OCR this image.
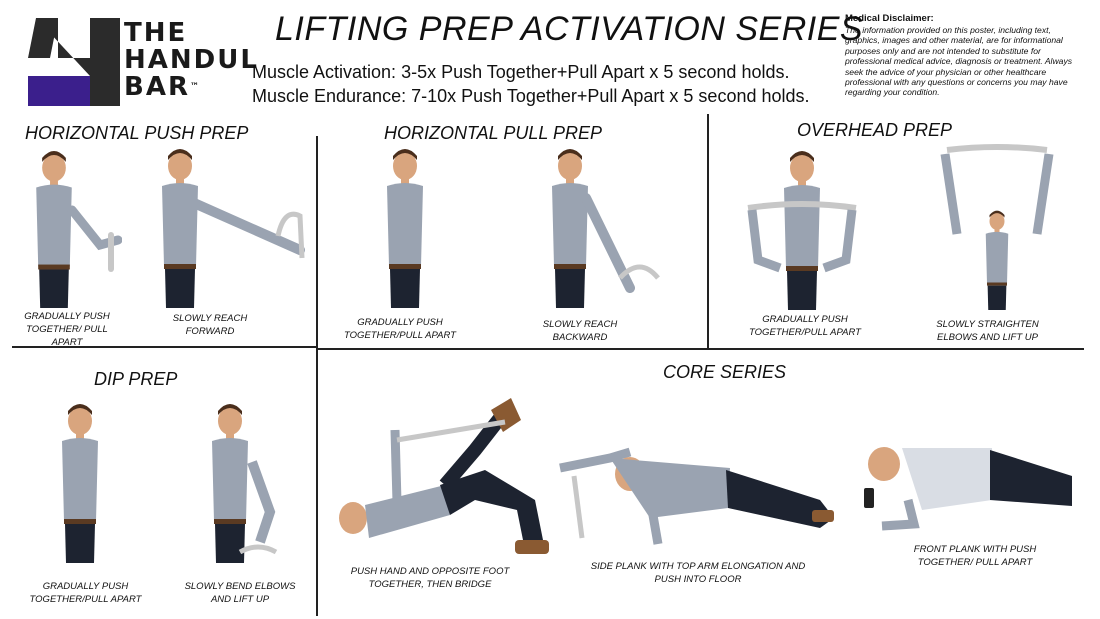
THE
HANDUL
BAR™
LIFTING PREP ACTIVATION SERIES
Muscle Activation: 3-5x Push Together+Pull Apart x 5 second holds.
Muscle Endurance: 7-10x Push Together+Pull Apart x 5 second holds.
Medical Disclaimer:
The information provided on this poster, including text, graphics, images and other material, are for informational purposes only and are not intended to substitute for professional medical advice, diagnosis or treatment. Always seek the advice of your physician or other healthcare professional with any questions or concerns you may have regarding your condition.
HORIZONTAL PUSH PREP	HORIZONTAL PULL PREP	OVERHEAD PREP
DIP PREP	CORE SERIES
GRADUALLY PUSH TOGETHER/ PULL APART
SLOWLY REACH FORWARD
GRADUALLY PUSH TOGETHER/PULL APART
SLOWLY REACH BACKWARD
GRADUALLY PUSH TOGETHER/PULL APART
SLOWLY STRAIGHTEN ELBOWS AND LIFT UP
GRADUALLY PUSH TOGETHER/PULL APART
SLOWLY BEND ELBOWS AND LIFT UP
PUSH HAND AND OPPOSITE FOOT TOGETHER, THEN BRIDGE
SIDE PLANK WITH TOP ARM ELONGATION AND PUSH INTO FLOOR
FRONT PLANK WITH PUSH TOGETHER/ PULL APART
